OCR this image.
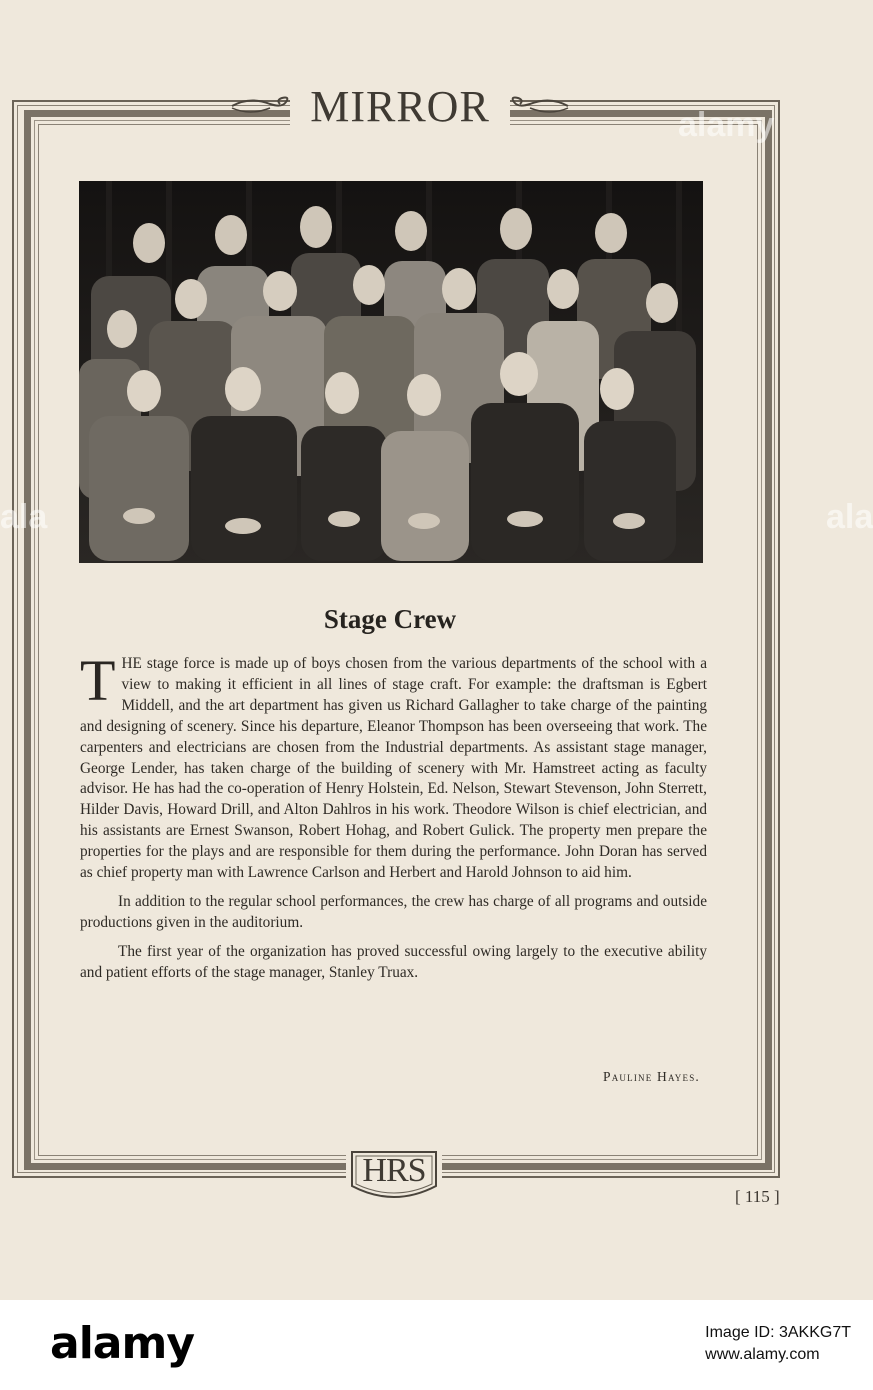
MIRROR
Stage Crew

THE stage force is made up of boys chosen from the various departments of the school with a view to making it efficient in all lines of stage craft. For example: the draftsman is Egbert Middell, and the art department has given us Richard Gallagher to take charge of the painting and designing of scenery. Since his departure, Eleanor Thompson has been overseeing that work. The carpenters and electricians are chosen from the Industrial departments. As assistant stage manager, George Lender, has taken charge of the building of scenery with Mr. Hamstreet acting as faculty advisor. He has had the co-operation of Henry Holstein, Ed. Nelson, Stewart Stevenson, John Sterrett, Hilder Davis, Howard Drill, and Alton Dahlros in his work. Theodore Wilson is chief electrician, and his assistants are Ernest Swanson, Robert Hohag, and Robert Gulick. The property men prepare the properties for the plays and are responsible for them during the performance. John Doran has served as chief property man with Lawrence Carlson and Herbert and Harold Johnson to aid him.

In addition to the regular school performances, the crew has charge of all programs and outside productions given in the auditorium.

The first year of the organization has proved successful owing largely to the executive ability and patient efforts of the stage manager, Stanley Truax.

Pauline Hayes.
HRS
[ 115 ]
ala	ala
alamy
alamy	Image ID: 3AKKG7T
www.alamy.com
